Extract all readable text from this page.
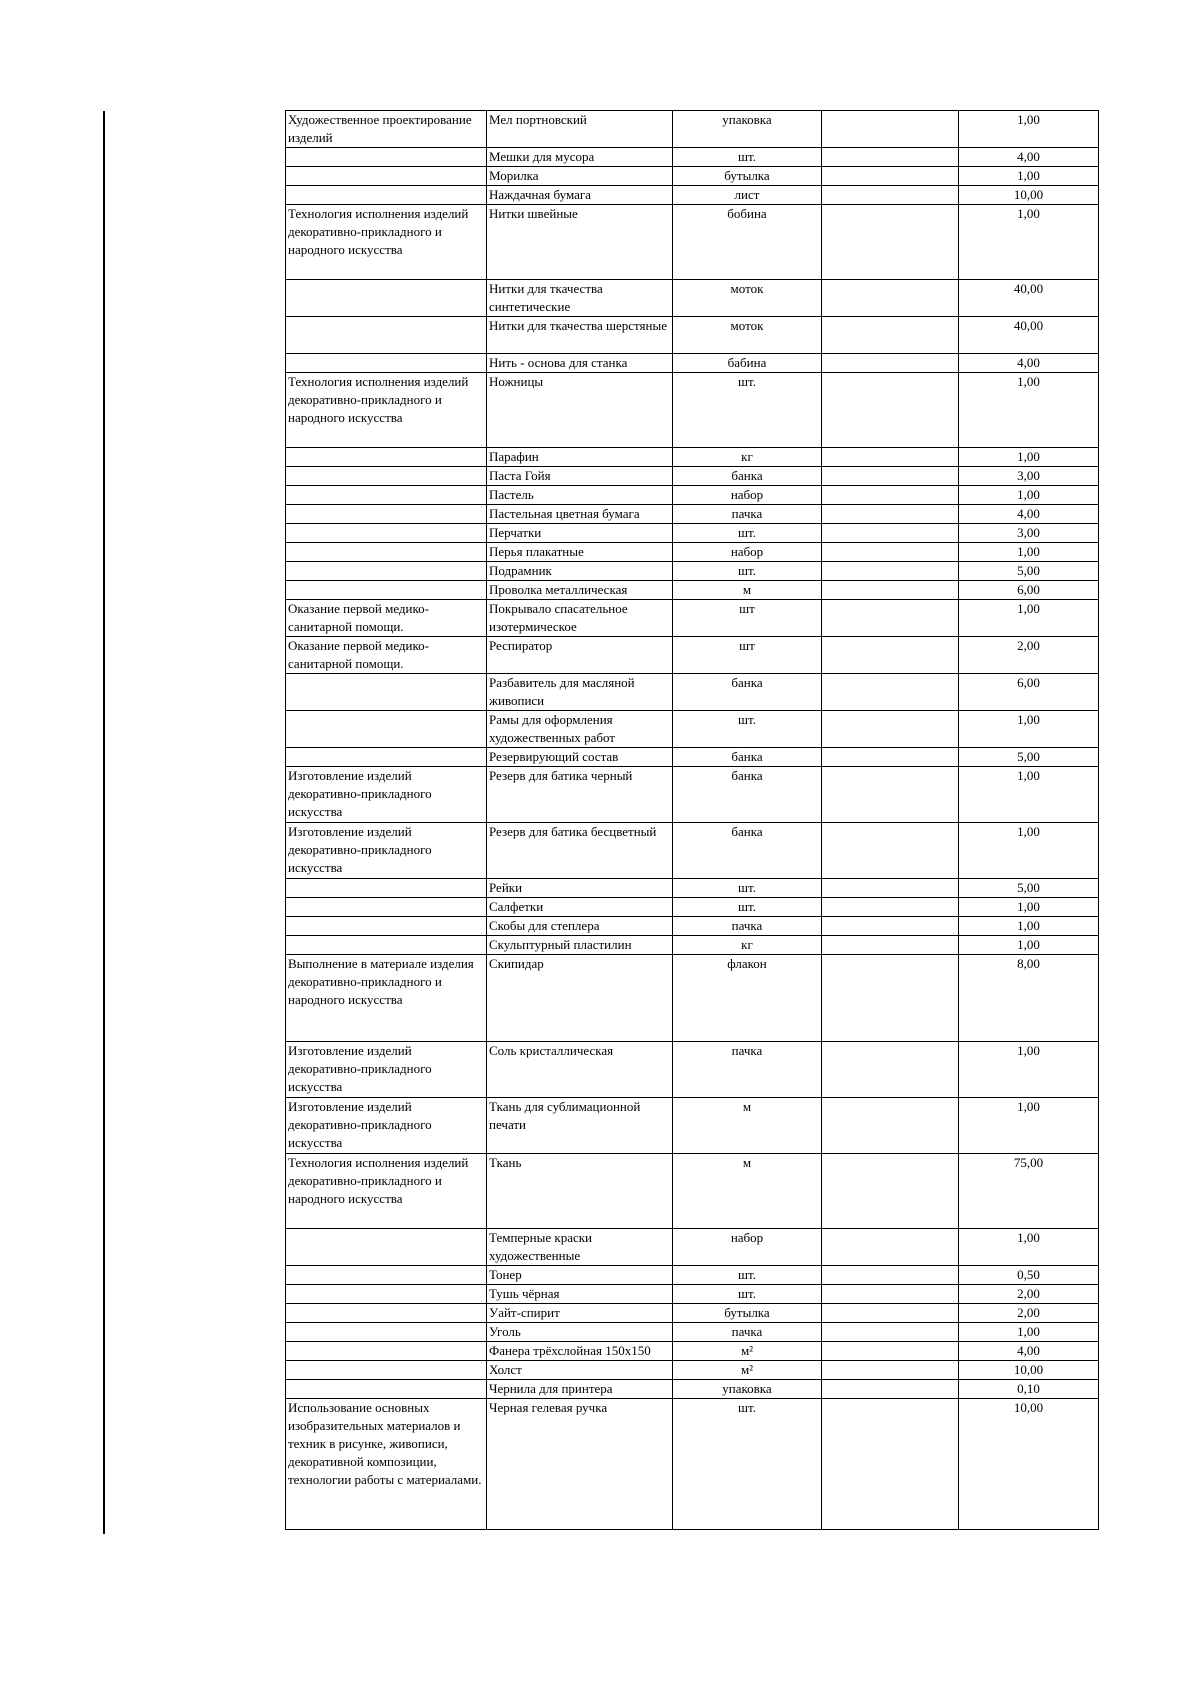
Художественное проектирование изделий	Мел портновский	упаковка		1,00
	Мешки для мусора	шт.		4,00
	Морилка	бутылка		1,00
	Наждачная бумага	лист		10,00
Технология исполнения изделий декоративно-прикладного и народного искусства	Нитки швейные	бобина		1,00
	Нитки для ткачества синтетические	моток		40,00
	Нитки для ткачества шерстяные	моток		40,00
	Нить - основа для станка	бабина		4,00
Технология исполнения изделий декоративно-прикладного и народного искусства	Ножницы	шт.		1,00
	Парафин	кг		1,00
	Паста Гойя	банка		3,00
	Пастель	набор		1,00
	Пастельная цветная бумага	пачка		4,00
	Перчатки	шт.		3,00
	Перья плакатные	набор		1,00
	Подрамник	шт.		5,00
	Проволка металлическая	м		6,00
Оказание первой медико-санитарной помощи.	Покрывало спасательное изотермическое	шт		1,00
Оказание первой медико-санитарной помощи.	Респиратор	шт		2,00
	Разбавитель для масляной живописи	банка		6,00
	Рамы для оформления художественных работ	шт.		1,00
	Резервирующий состав	банка		5,00
Изготовление изделий декоративно-прикладного искусства	Резерв для батика черный	банка		1,00
Изготовление изделий декоративно-прикладного искусства	Резерв для батика бесцветный	банка		1,00
	Рейки	шт.		5,00
	Салфетки	шт.		1,00
	Скобы для степлера	пачка		1,00
	Скульптурный пластилин	кг		1,00
Выполнение в материале изделия декоративно-прикладного и народного искусства	Скипидар	флакон		8,00
Изготовление изделий декоративно-прикладного искусства	Соль кристаллическая	пачка		1,00
Изготовление изделий декоративно-прикладного искусства	Ткань для сублимационной печати	м		1,00
Технология исполнения изделий декоративно-прикладного и народного искусства	Ткань	м		75,00
	Темперные краски художественные	набор		1,00
	Тонер	шт.		0,50
	Тушь чёрная	шт.		2,00
	Уайт-спирит	бутылка		2,00
	Уголь	пачка		1,00
	Фанера трёхслойная 150х150	м²		4,00
	Холст	м²		10,00
	Чернила для принтера	упаковка		0,10
Использование основных изобразительных материалов и техник в рисунке, живописи, декоративной композиции, технологии работы с материалами.	Черная гелевая ручка	шт.		10,00
